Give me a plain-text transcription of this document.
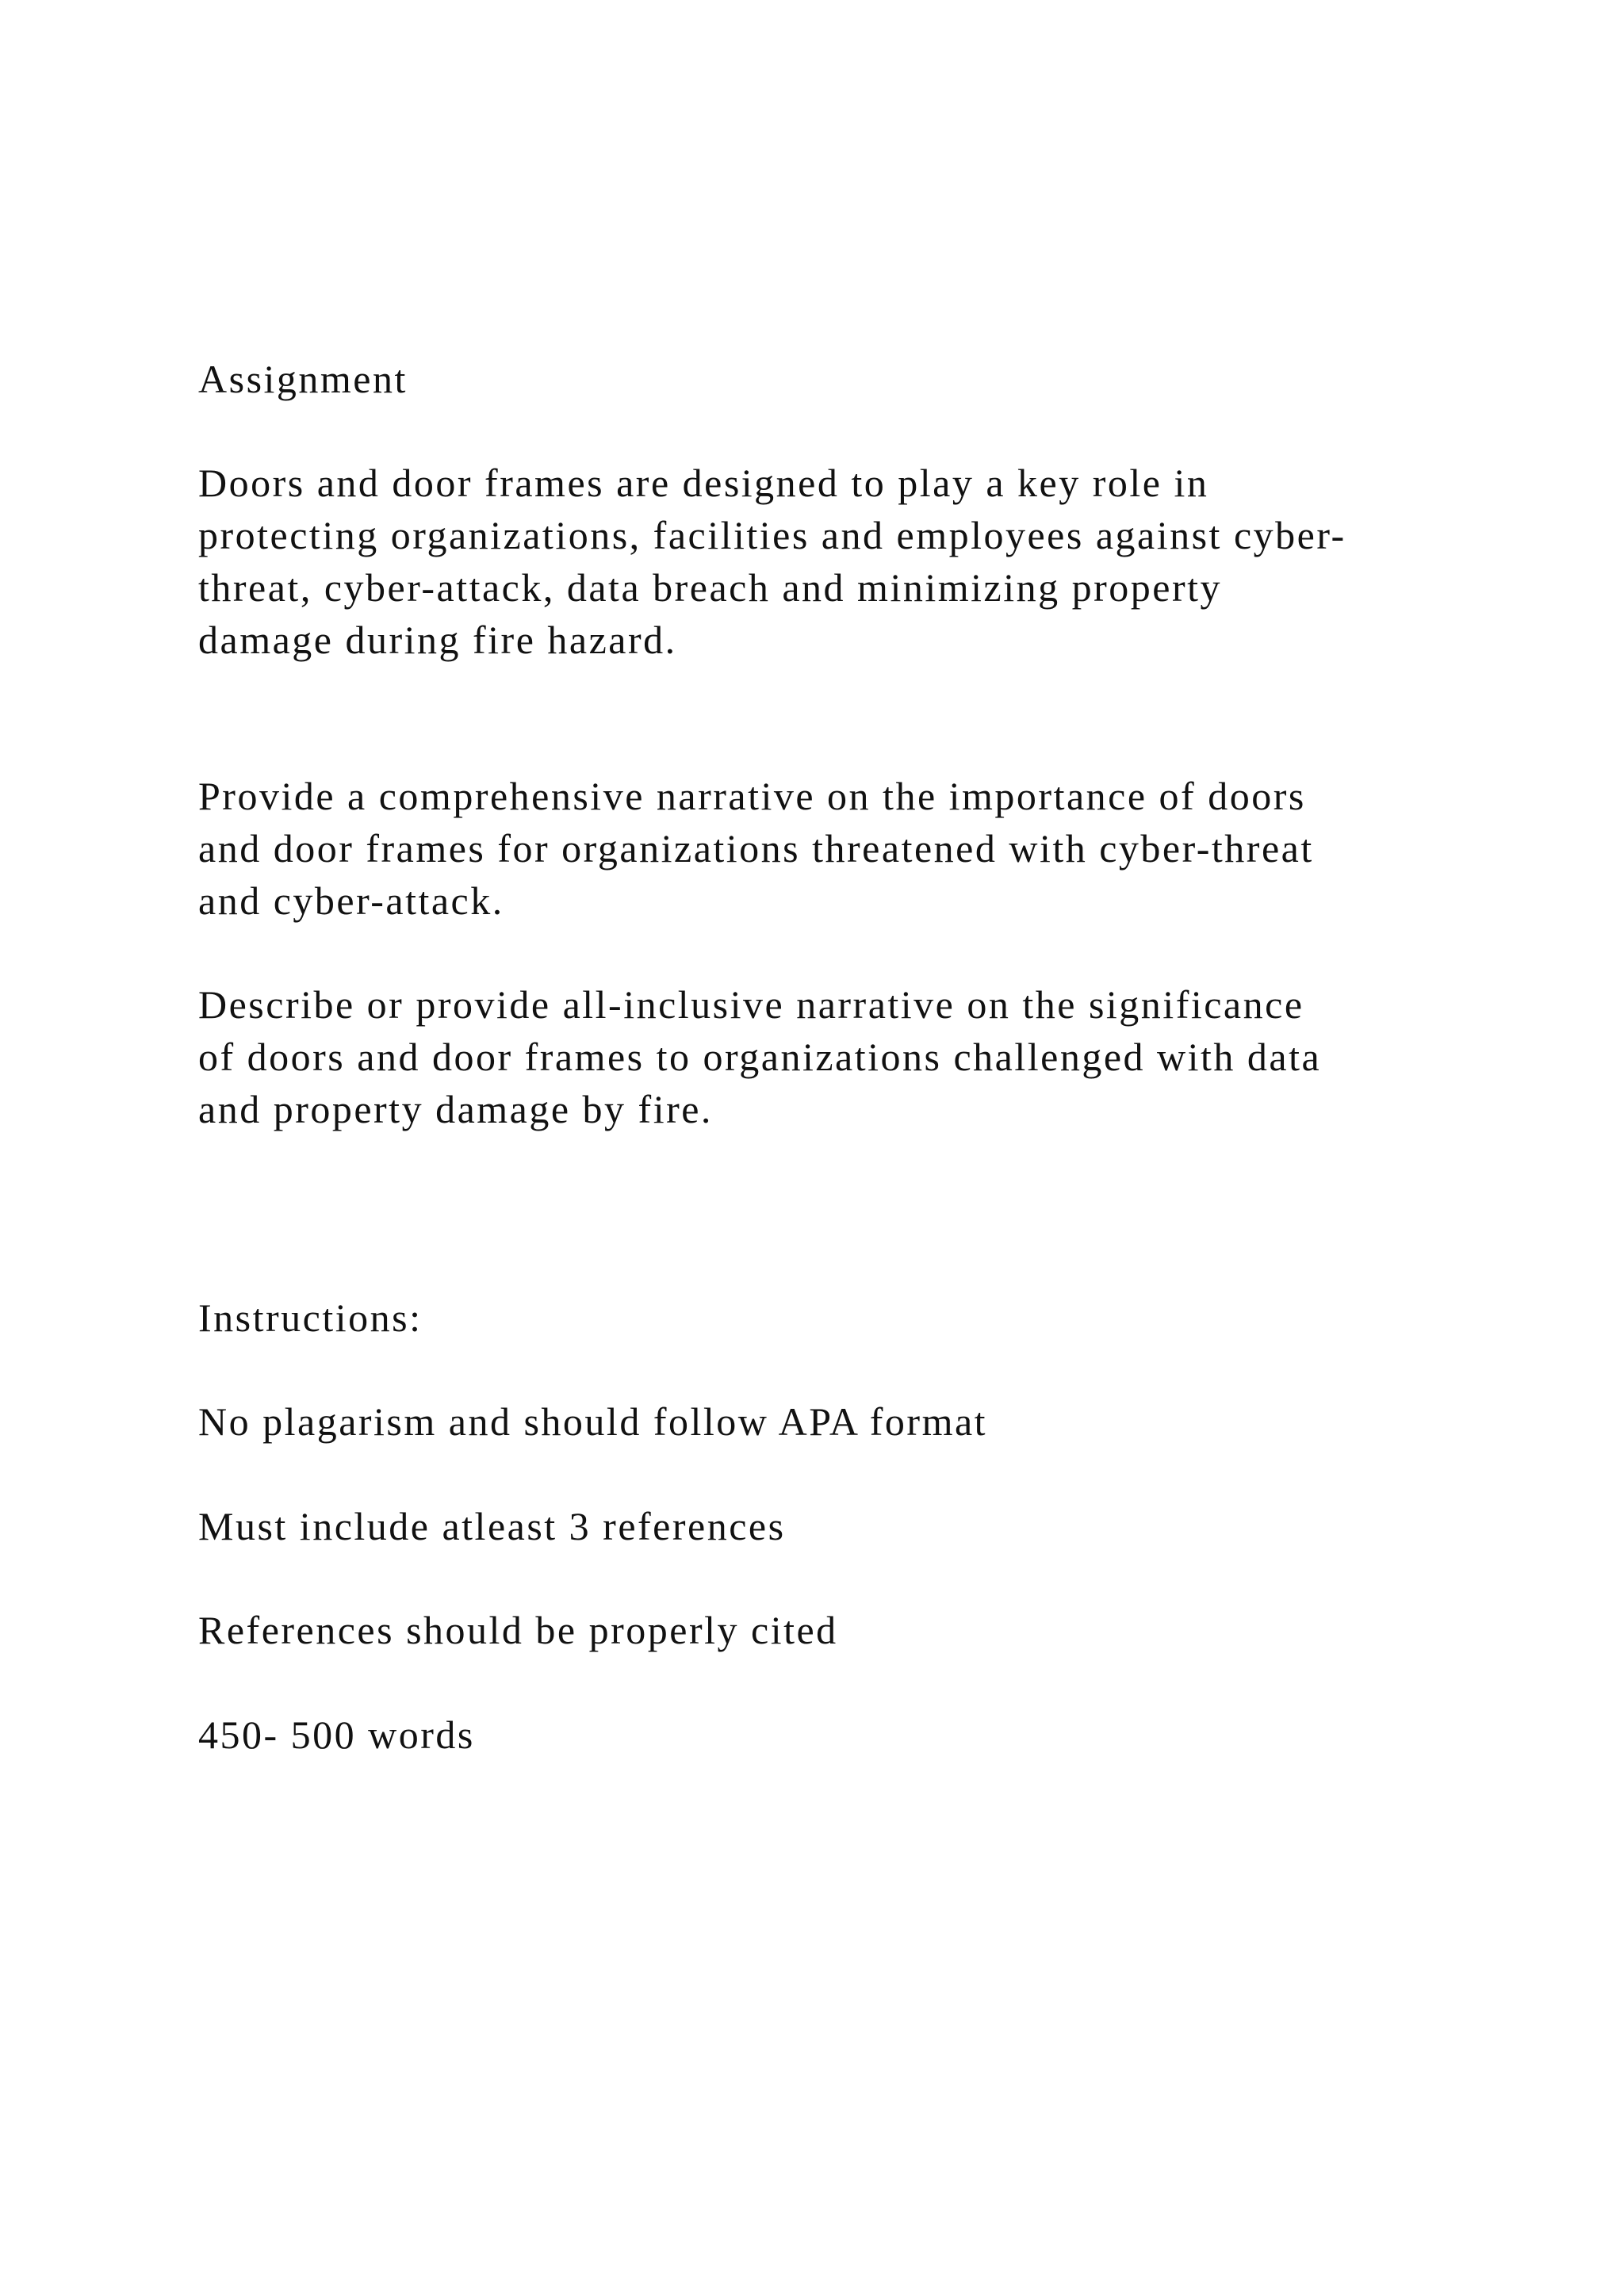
Assignment

Doors and door frames are designed to play a key role in
protecting organizations, facilities and employees against cyber-
threat, cyber-attack, data breach and minimizing property
damage during fire hazard.

Provide a comprehensive narrative on the importance of doors
and door frames for organizations threatened with cyber-threat
and cyber-attack.

Describe or provide all-inclusive narrative on the significance
of doors and door frames to organizations challenged with data
and property damage by fire.

Instructions:

No plagarism and should follow APA format

Must include atleast 3 references

References should be properly cited

450- 500 words
